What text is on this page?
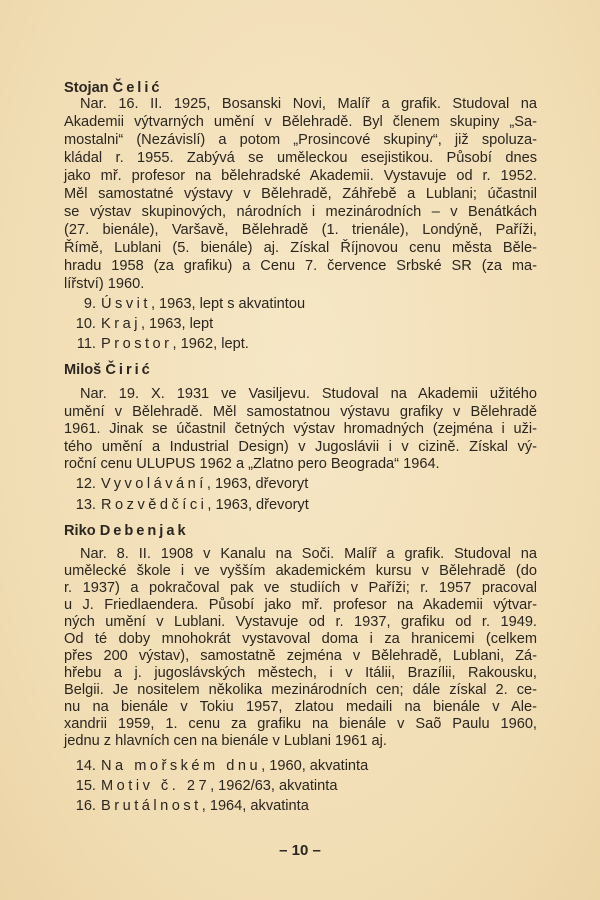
– 10 –
Stojan Čelić
Nar. 16. II. 1925, Bosanski Novi, Malíř a grafik. Studoval na
Akademii výtvarných umění v Bělehradě. Byl členem skupiny „Sa-
mostalni“ (Nezávislí) a potom „Prosincové skupiny“, již spoluza-
kládal r. 1955. Zabývá se uměleckou esejistikou. Působí dnes
jako mř. profesor na bělehradské Akademii. Vystavuje od r. 1952.
Měl samostatné výstavy v Bělehradě, Záhřebě a Lublani; účastnil
se výstav skupinových, národních i mezinárodních – v Benátkách
(27. bienále), Varšavě, Bělehradě (1. trienále), Londýně, Paříži,
Římě, Lublani (5. bienále) aj. Získal Říjnovou cenu města Běle-
hradu 1958 (za grafiku) a Cenu 7. července Srbské SR (za ma-
lířství) 1960.
9. Úsvit, 1963, lept s akvatintou
10. Kraj, 1963, lept
11. Prostor, 1962, lept.
Miloš Čirić
Nar. 19. X. 1931 ve Vasiljevu. Studoval na Akademii užitého
umění v Bělehradě. Měl samostatnou výstavu grafiky v Bělehradě
1961. Jinak se účastnil četných výstav hromadných (zejména i uži-
tého umění a Industrial Design) v Jugoslávii i v cizině. Získal vý-
roční cenu ULUPUS 1962 a „Zlatno pero Beograda“ 1964.
12. Vyvolávání, 1963, dřevoryt
13. Rozvědčíci, 1963, dřevoryt
Riko Debenjak
Nar. 8. II. 1908 v Kanalu na Soči. Malíř a grafik. Studoval na
umělecké škole i ve vyšším akademickém kursu v Bělehradě (do
r. 1937) a pokračoval pak ve studiích v Paříži; r. 1957 pracoval
u J. Friedlaendera. Působí jako mř. profesor na Akademii výtvar-
ných umění v Lublani. Vystavuje od r. 1937, grafiku od r. 1949.
Od té doby mnohokrát vystavoval doma i za hranicemi (celkem
přes 200 výstav), samostatně zejména v Bělehradě, Lublani, Zá-
hřebu a j. jugoslávských městech, i v Itálii, Brazílii, Rakousku,
Belgii. Je nositelem několika mezinárodních cen; dále získal 2. ce-
nu na bienále v Tokiu 1957, zlatou medaili na bienále v Ale-
xandrii 1959, 1. cenu za grafiku na bienále v Saõ Paulu 1960,
jednu z hlavních cen na bienále v Lublani 1961 aj.
14. Na mořském dnu, 1960, akvatinta
15. Motiv č. 27, 1962/63, akvatinta
16. Brutálnost, 1964, akvatinta
